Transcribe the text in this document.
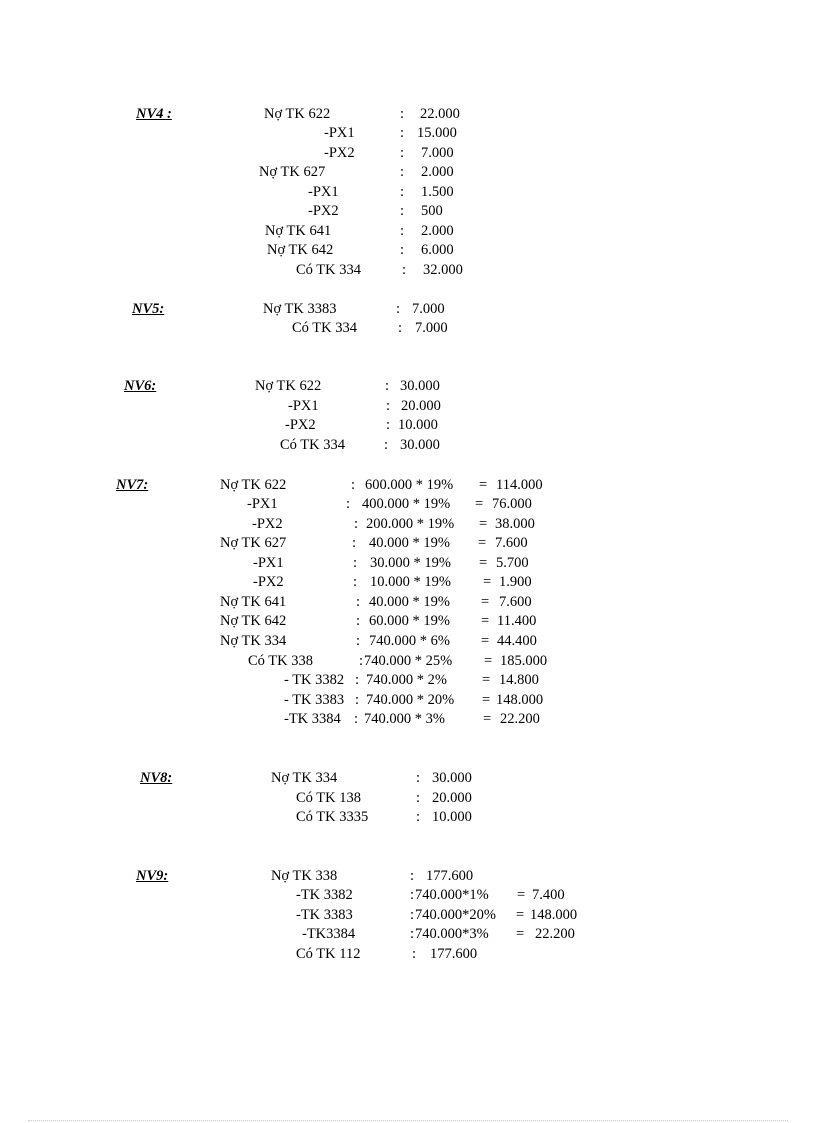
NV4 :	Nợ TK 622	: 22.000
-PX1	: 15.000
-PX2	: 7.000
Nợ TK 627	: 2.000
-PX1	: 1.500
-PX2	: 500
Nợ TK 641	: 2.000
Nợ TK 642	: 6.000
Có TK 334	: 32.000
NV5:	Nợ TK 3383	: 7.000
Có TK 334	: 7.000
NV6:	Nợ TK 622	: 30.000
-PX1	: 20.000
-PX2	: 10.000
Có TK 334	: 30.000
NV7:	Nợ TK 622	: 600.000 * 19% = 114.000
-PX1	: 400.000 * 19% = 76.000
-PX2	: 200.000 * 19% = 38.000
Nợ TK 627	: 40.000 * 19% = 7.600
-PX1	: 30.000 * 19% = 5.700
-PX2	: 10.000 * 19% = 1.900
Nợ TK 641	: 40.000 * 19% = 7.600
Nợ TK 642	: 60.000 * 19% = 11.400
Nợ TK 334	: 740.000 * 6% = 44.400
Có TK 338	: 740.000 * 25% = 185.000
- TK 3382 : 740.000 * 2% = 14.800
- TK 3383 : 740.000 * 20% = 148.000
-TK 3384 : 740.000 * 3%	= 22.200
NV8:	Nợ TK 334	: 30.000
Có TK 138	: 20.000
Có TK 3335	: 10.000
NV9:	Nợ TK 338	: 177.600
-TK 3382	: 740.000*1% = 7.400
-TK 3383	: 740.000*20% = 148.000
-TK3384	: 740.000*3% = 22.200
Có TK 112	: 177.600
